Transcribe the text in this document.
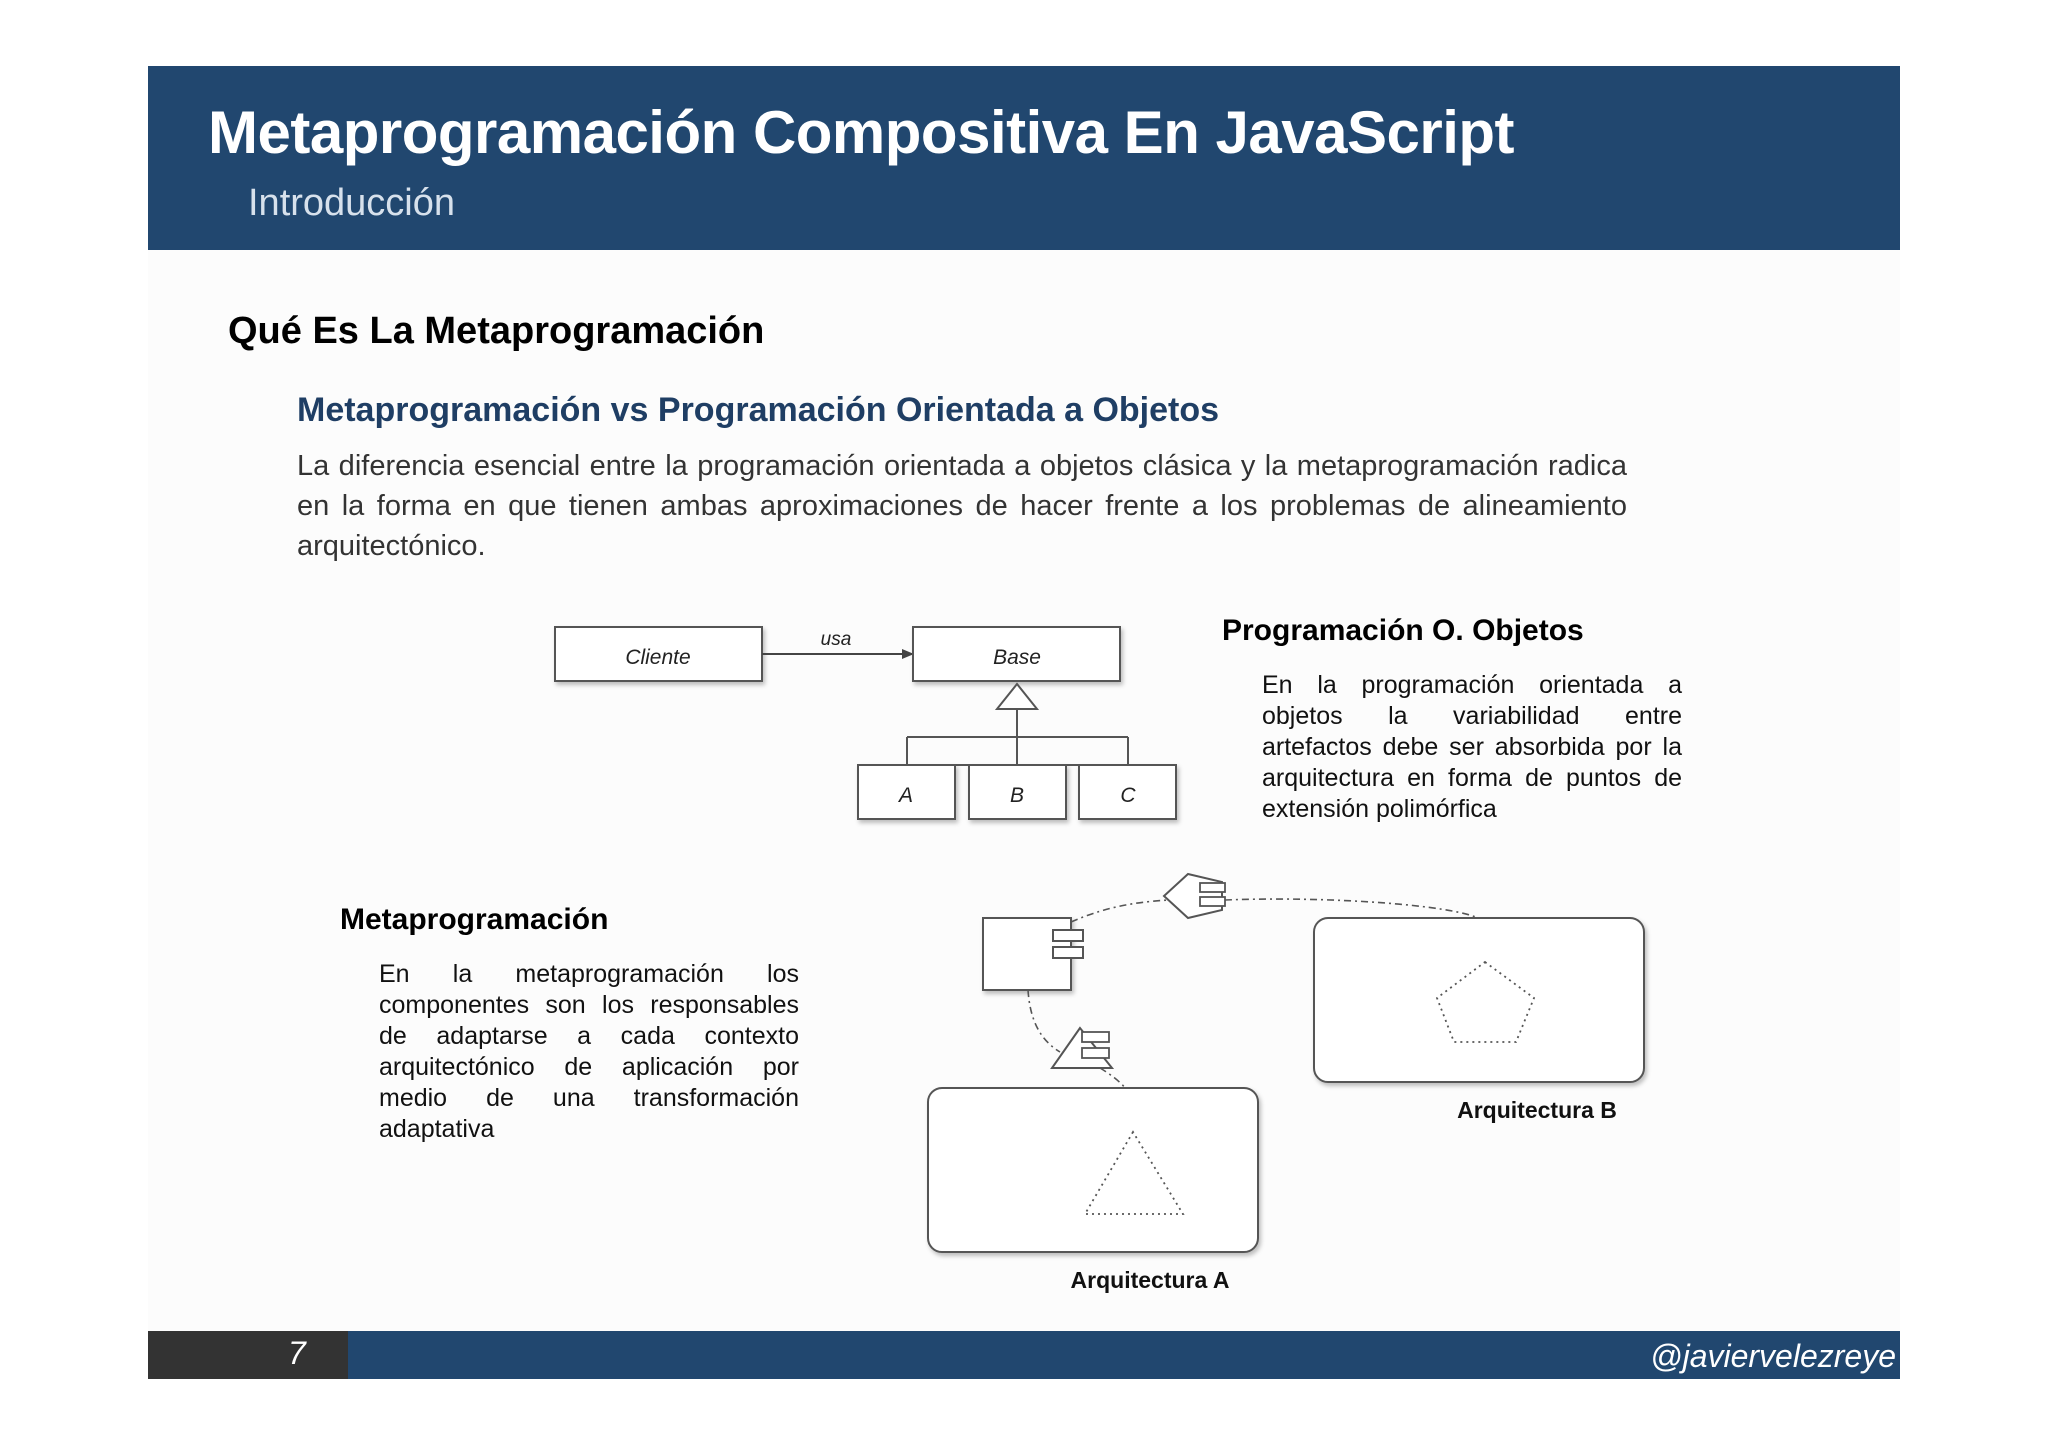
Metaprogramación Compositiva En JavaScript

Introducción

Qué Es La Metaprogramación
Metaprogramación vs Programación Orientada a Objetos

La diferencia esencial entre la programación orientada a objetos clásica y la metaprogramación radica en la forma en que tienen ambas aproximaciones de hacer frente a los problemas de alineamiento arquitectónico.

Programación O. Objetos

En la programación orientada a objetos la variabilidad entre artefactos debe ser absorbida por la arquitectura en forma de puntos de extensión polimórfica

Metaprogramación

En la metaprogramación los componentes son los responsables de adaptarse a cada contexto arquitectónico de aplicación por medio de una transformación adaptativa

Cliente
usa
Base
A	B	C
Arquitectura A
Arquitectura B
7	@javiervelezreye
